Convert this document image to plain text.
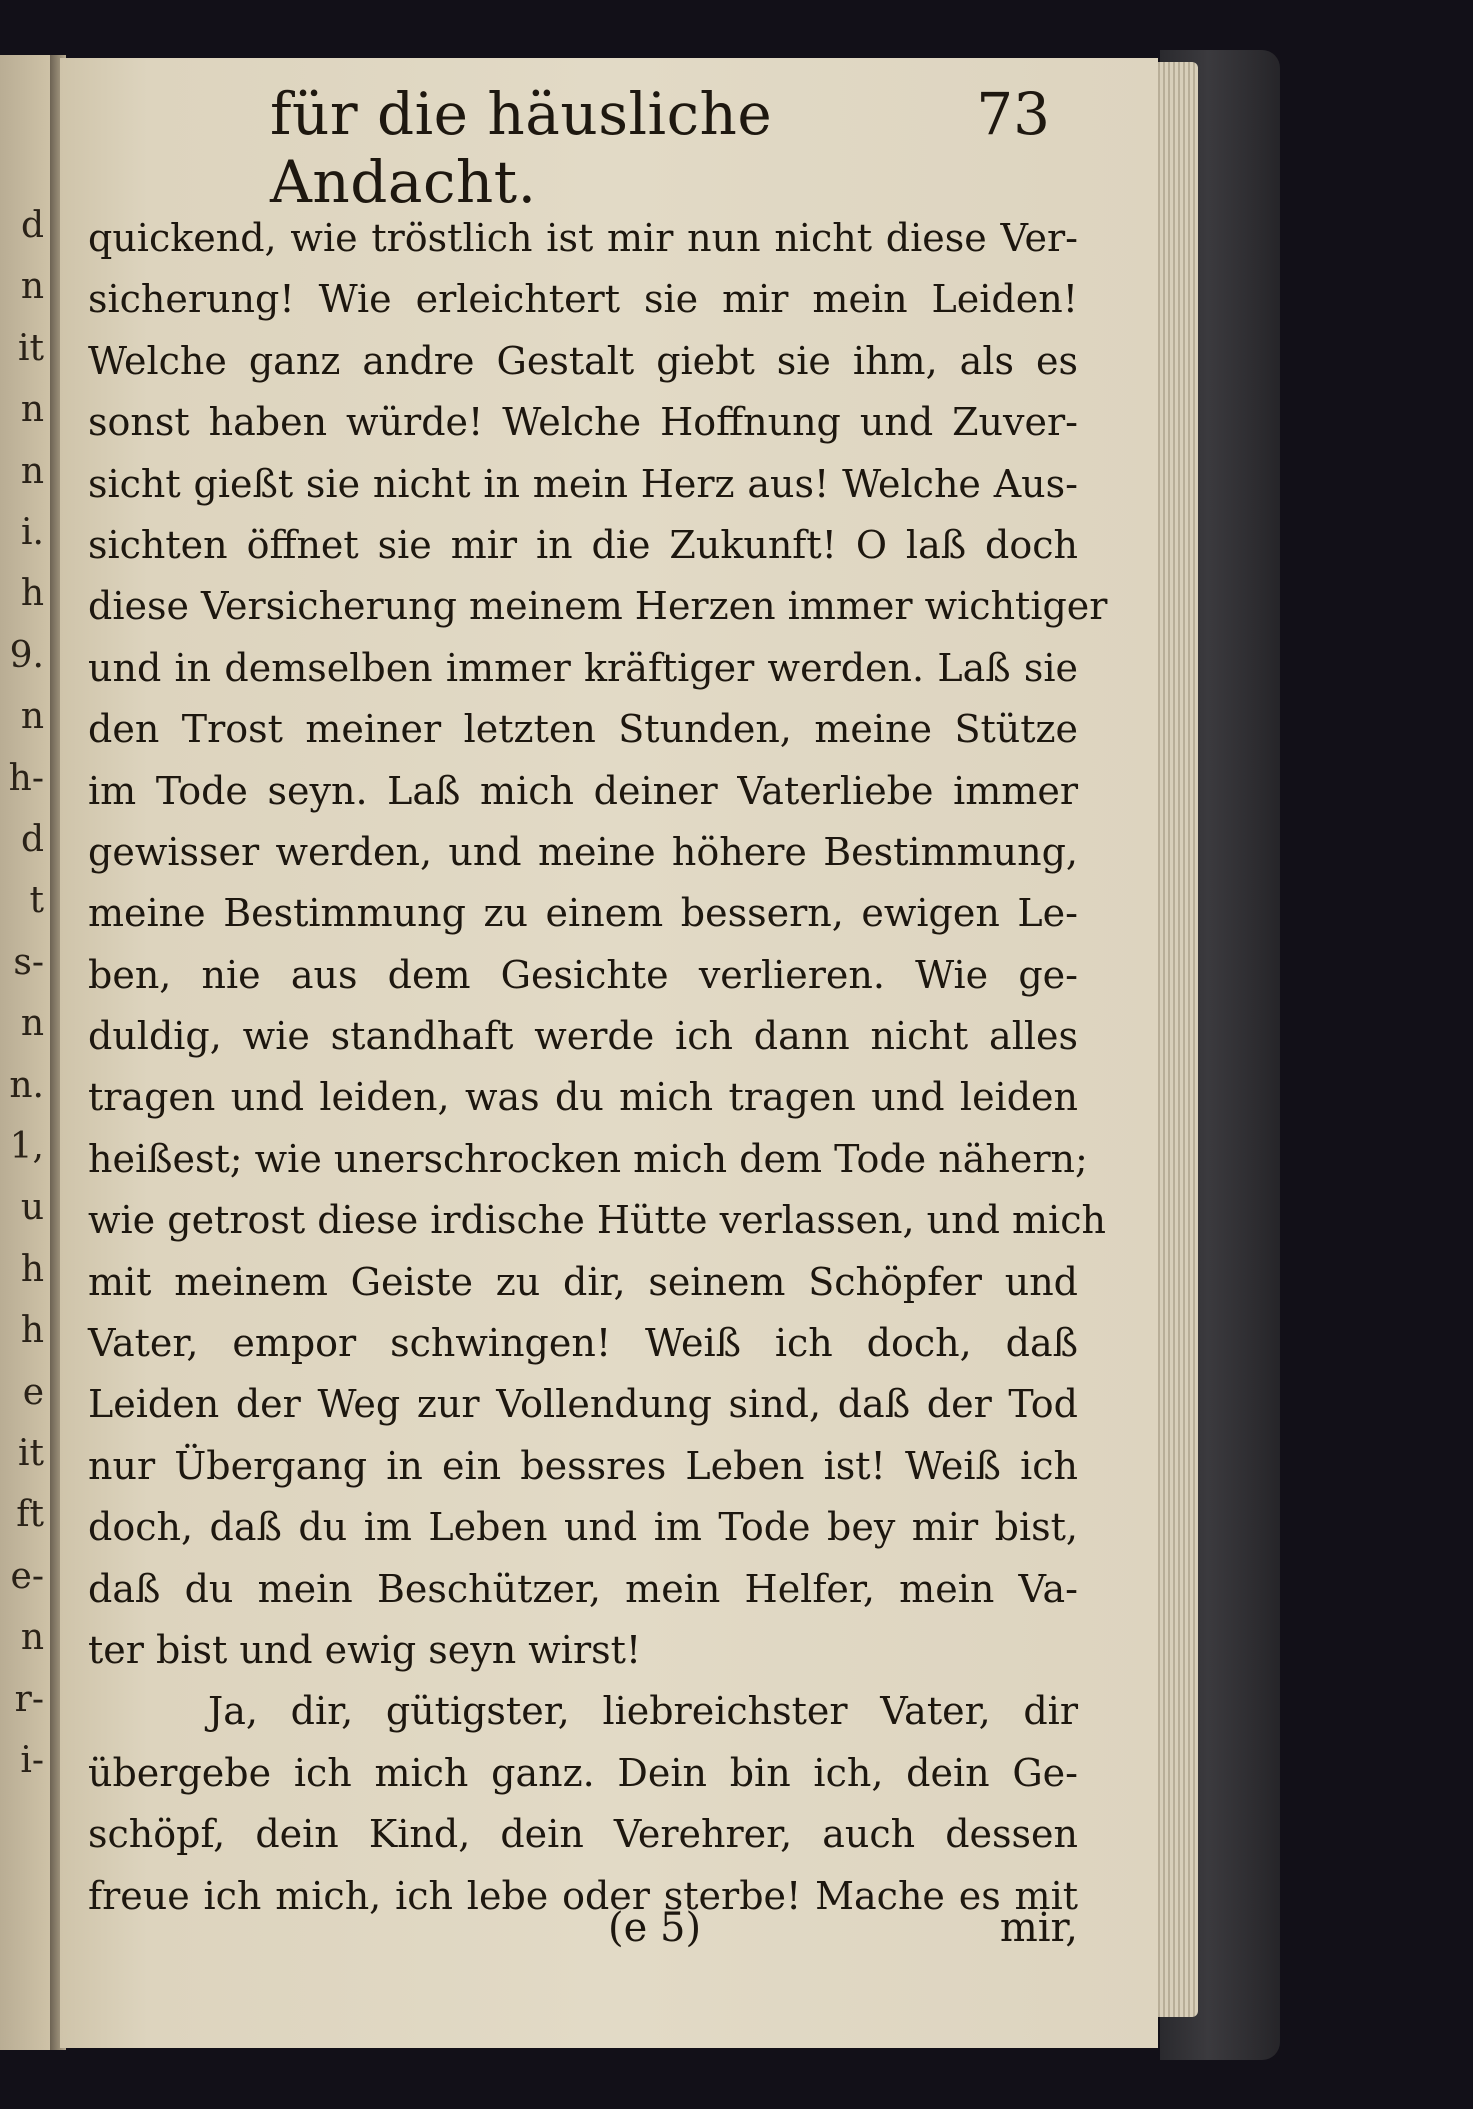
d
n
it
n
n
i.
h
9.
n
h-
d
t
s-
n
n.
1,
u
h
h
e
it
ft
e-
n
r-
i-
für die häusliche Andacht.
73
quickend, wie tröstlich ist mir nun nicht diese Ver-
sicherung! Wie erleichtert sie mir mein Leiden!
Welche ganz andre Gestalt giebt sie ihm, als es
sonst haben würde! Welche Hoffnung und Zuver-
sicht gießt sie nicht in mein Herz aus! Welche Aus-
sichten öffnet sie mir in die Zukunft! O laß doch
diese Versicherung meinem Herzen immer wichtiger
und in demselben immer kräftiger werden. Laß sie
den Trost meiner letzten Stunden, meine Stütze
im Tode seyn. Laß mich deiner Vaterliebe immer
gewisser werden, und meine höhere Bestimmung,
meine Bestimmung zu einem bessern, ewigen Le-
ben, nie aus dem Gesichte verlieren. Wie ge-
duldig, wie standhaft werde ich dann nicht alles
tragen und leiden, was du mich tragen und leiden
heißest; wie unerschrocken mich dem Tode nähern;
wie getrost diese irdische Hütte verlassen, und mich
mit meinem Geiste zu dir, seinem Schöpfer und
Vater, empor schwingen! Weiß ich doch, daß
Leiden der Weg zur Vollendung sind, daß der Tod
nur Übergang in ein bessres Leben ist! Weiß ich
doch, daß du im Leben und im Tode bey mir bist,
daß du mein Beschützer, mein Helfer, mein Va-
ter bist und ewig seyn wirst!
Ja, dir, gütigster, liebreichster Vater, dir
übergebe ich mich ganz. Dein bin ich, dein Ge-
schöpf, dein Kind, dein Verehrer, auch dessen
freue ich mich, ich lebe oder sterbe! Mache es mit
(e 5)	mir,
